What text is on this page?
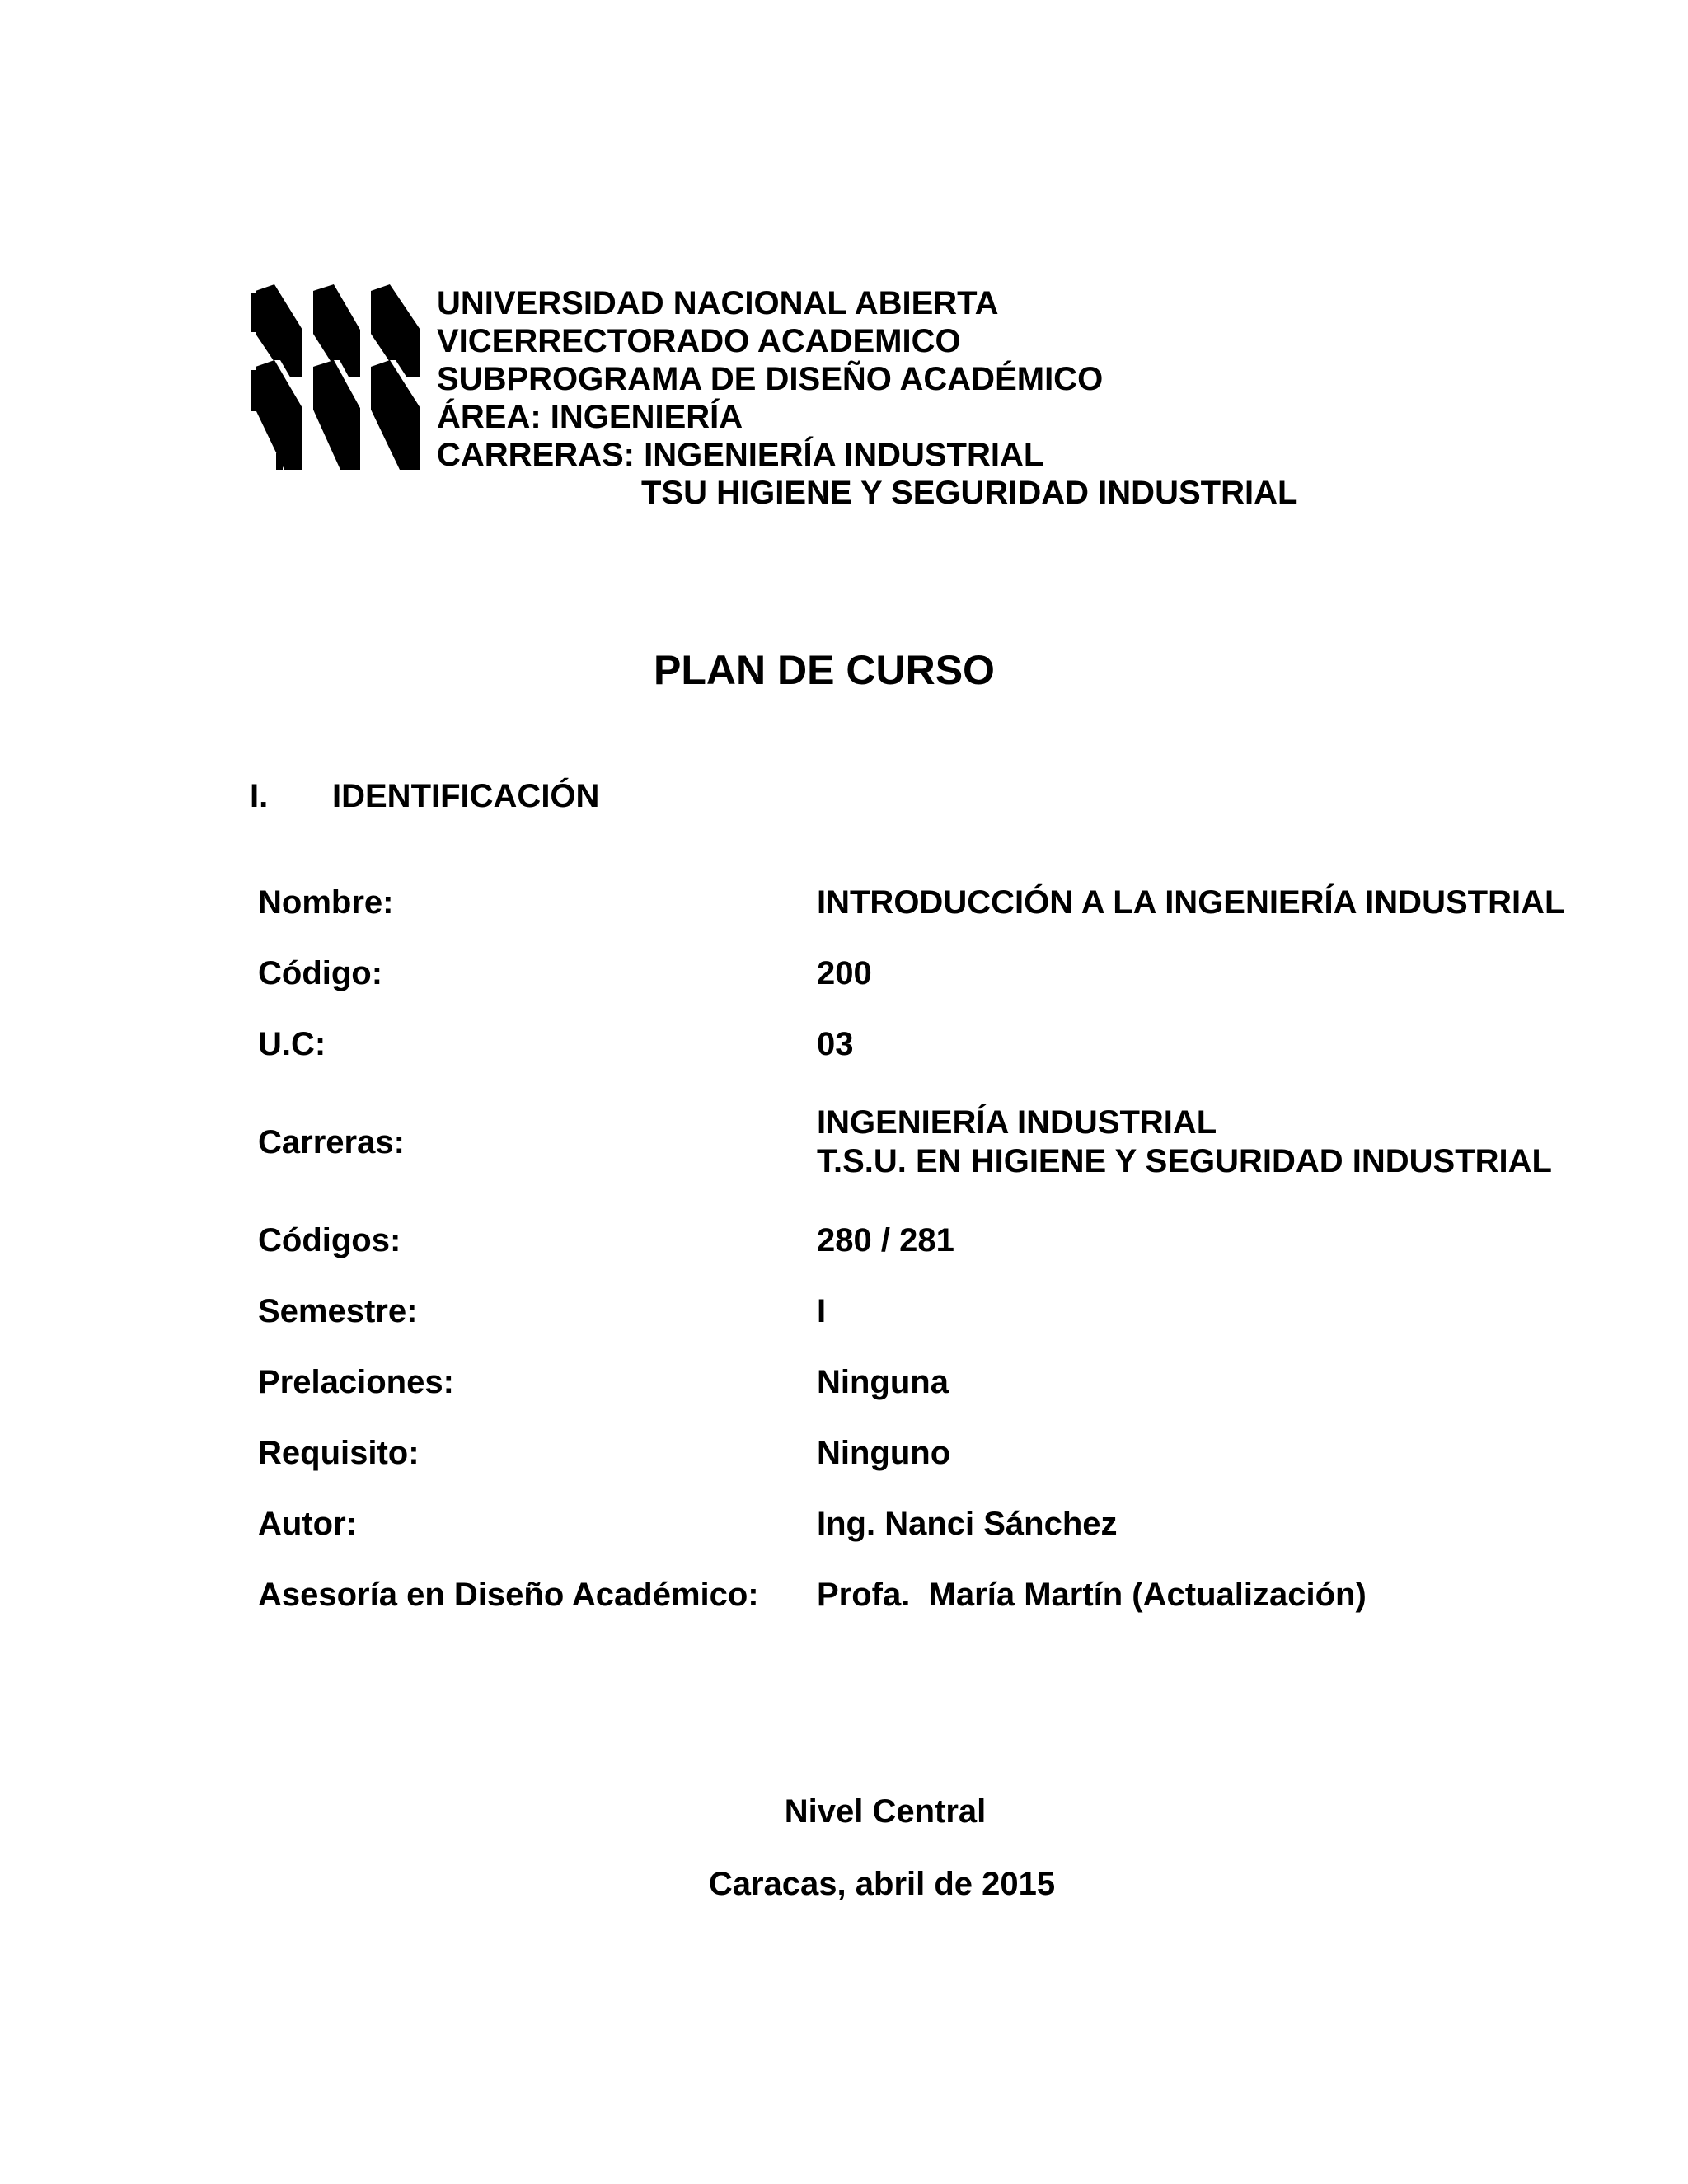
UNIVERSIDAD NACIONAL ABIERTA
VICERRECTORADO ACADEMICO
SUBPROGRAMA DE DISEÑO ACADÉMICO
ÁREA: INGENIERÍA
CARRERAS: INGENIERÍA INDUSTRIAL
TSU HIGIENE Y SEGURIDAD INDUSTRIAL
PLAN DE CURSO
I. IDENTIFICACIÓN
Nombre:	INTRODUCCIÓN A LA INGENIERÍA INDUSTRIAL
Código:	200
U.C:	03
Carreras:
INGENIERÍA INDUSTRIAL
T.S.U. EN HIGIENE Y SEGURIDAD INDUSTRIAL
Códigos:	280 / 281
Semestre:	I
Prelaciones:	Ninguna
Requisito:	Ninguno
Autor:	Ing. Nanci Sánchez
Asesoría en Diseño Académico:	Profa.  María Martín (Actualización)
Nivel Central
Caracas, abril de 2015
